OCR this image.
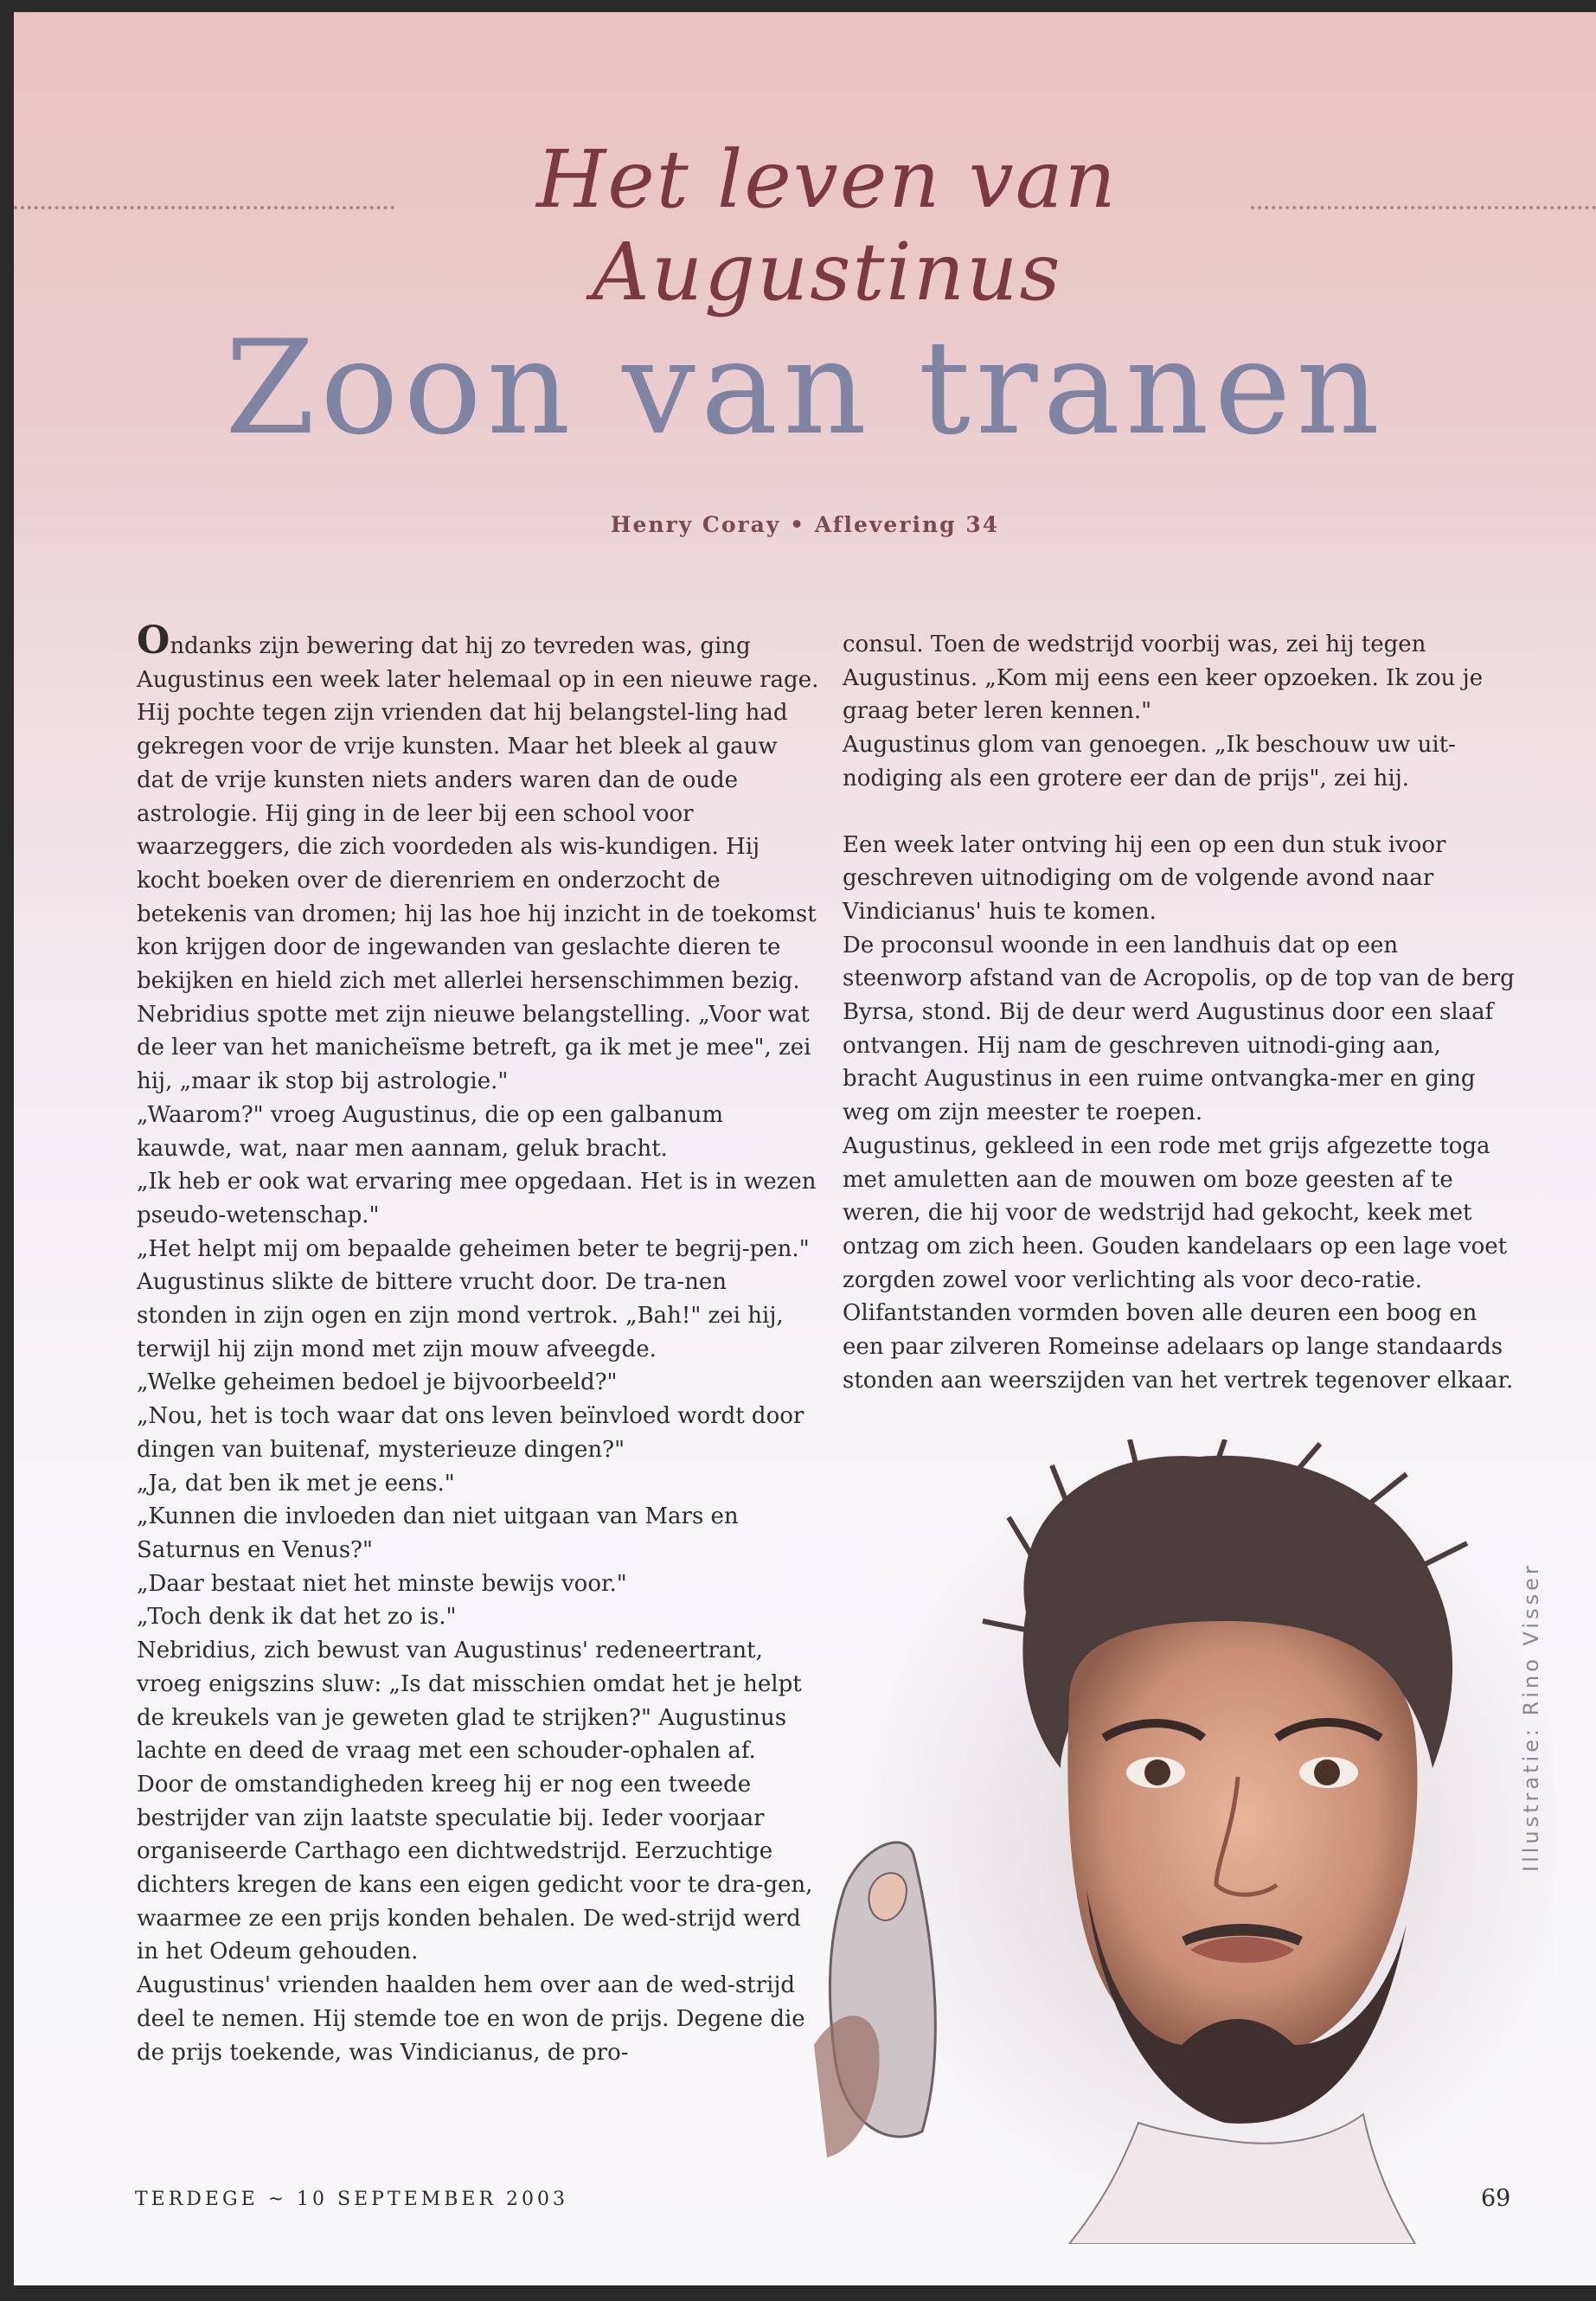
Het leven van Augustinus
Zoon van tranen
Henry Coray • Aflevering 34

Ondanks zijn bewering dat hij zo tevreden was, ging Augustinus een week later helemaal op in een nieuwe rage. Hij pochte tegen zijn vrienden dat hij belangstel-ling had gekregen voor de vrije kunsten. Maar het bleek al gauw dat de vrije kunsten niets anders waren dan de oude astrologie. Hij ging in de leer bij een school voor waarzeggers, die zich voordeden als wis-kundigen. Hij kocht boeken over de dierenriem en onderzocht de betekenis van dromen; hij las hoe hij inzicht in de toekomst kon krijgen door de ingewanden van geslachte dieren te bekijken en hield zich met allerlei hersenschimmen bezig.

Nebridius spotte met zijn nieuwe belangstelling. „Voor wat de leer van het manicheïsme betreft, ga ik met je mee", zei hij, „maar ik stop bij astrologie."

„Waarom?" vroeg Augustinus, die op een galbanum kauwde, wat, naar men aannam, geluk bracht.

„Ik heb er ook wat ervaring mee opgedaan. Het is in wezen pseudo-wetenschap."

„Het helpt mij om bepaalde geheimen beter te begrij-pen." Augustinus slikte de bittere vrucht door. De tra-nen stonden in zijn ogen en zijn mond vertrok. „Bah!" zei hij, terwijl hij zijn mond met zijn mouw afveegde.

„Welke geheimen bedoel je bijvoorbeeld?"

„Nou, het is toch waar dat ons leven beïnvloed wordt door dingen van buitenaf, mysterieuze dingen?"

„Ja, dat ben ik met je eens."

„Kunnen die invloeden dan niet uitgaan van Mars en Saturnus en Venus?"

„Daar bestaat niet het minste bewijs voor."

„Toch denk ik dat het zo is."

Nebridius, zich bewust van Augustinus' redeneertrant, vroeg enigszins sluw: „Is dat misschien omdat het je helpt de kreukels van je geweten glad te strijken?" Augustinus lachte en deed de vraag met een schouder-ophalen af.

Door de omstandigheden kreeg hij er nog een tweede bestrijder van zijn laatste speculatie bij. Ieder voorjaar organiseerde Carthago een dichtwedstrijd. Eerzuchtige dichters kregen de kans een eigen gedicht voor te dra-gen, waarmee ze een prijs konden behalen. De wed-strijd werd in het Odeum gehouden.

Augustinus' vrienden haalden hem over aan de wed-strijd deel te nemen. Hij stemde toe en won de prijs. Degene die de prijs toekende, was Vindicianus, de pro-

consul. Toen de wedstrijd voorbij was, zei hij tegen Augustinus. „Kom mij eens een keer opzoeken. Ik zou je graag beter leren kennen."

Augustinus glom van genoegen. „Ik beschouw uw uit-nodiging als een grotere eer dan de prijs", zei hij.

Een week later ontving hij een op een dun stuk ivoor geschreven uitnodiging om de volgende avond naar Vindicianus' huis te komen.

De proconsul woonde in een landhuis dat op een steenworp afstand van de Acropolis, op de top van de berg Byrsa, stond. Bij de deur werd Augustinus door een slaaf ontvangen. Hij nam de geschreven uitnodi-ging aan, bracht Augustinus in een ruime ontvangka-mer en ging weg om zijn meester te roepen.

Augustinus, gekleed in een rode met grijs afgezette toga met amuletten aan de mouwen om boze geesten af te weren, die hij voor de wedstrijd had gekocht, keek met ontzag om zich heen. Gouden kandelaars op een lage voet zorgden zowel voor verlichting als voor deco-ratie. Olifantstanden vormden boven alle deuren een boog en een paar zilveren Romeinse adelaars op lange standaards stonden aan weerszijden van het vertrek tegenover elkaar.

Illustratie: Rino Visser
TERDEGE ~ 10 SEPTEMBER 2003	69
